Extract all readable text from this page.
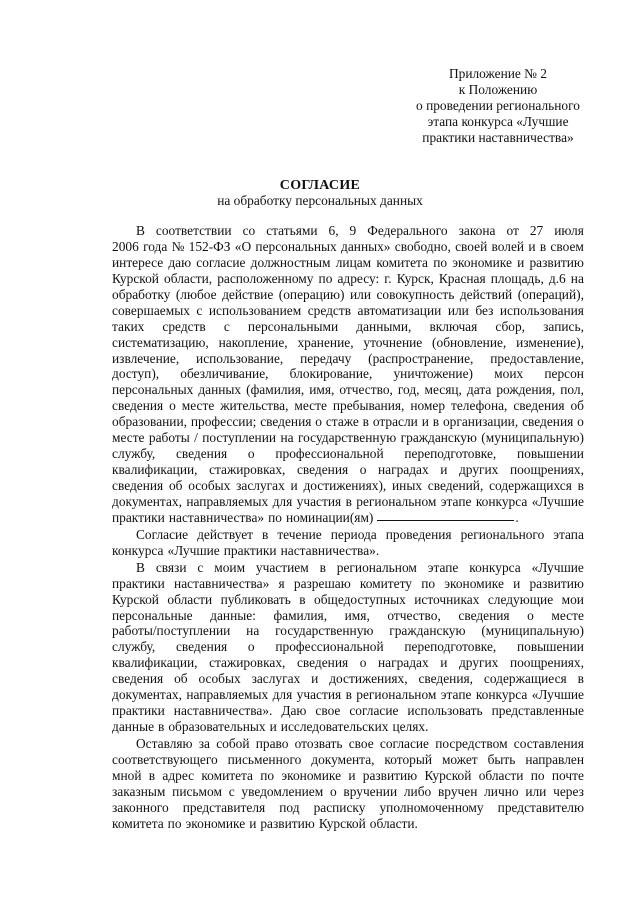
Приложение № 2
к Положению
о проведении регионального
этапа конкурса «Лучшие
практики наставничества»
СОГЛАСИЕ
на обработку персональных данных
В соответствии со статьями 6, 9 Федерального закона от 27 июля
2006 года № 152-ФЗ «О персональных данных» свободно, своей волей и в своем
интересе даю согласие должностным лицам комитета по экономике и развитию
Курской области, расположенному по адресу: г. Курск, Красная площадь, д.6 на
обработку (любое действие (операцию) или совокупность действий (операций),
совершаемых с использованием средств автоматизации или без использования
таких средств с персональными данными, включая сбор, запись,
систематизацию, накопление, хранение, уточнение (обновление, изменение),
извлечение, использование, передачу (распространение, предоставление,
доступ), обезличивание, блокирование, уничтожение) моих персон
персональных данных (фамилия, имя, отчество, год, месяц, дата рождения, пол,
сведения о месте жительства, месте пребывания, номер телефона, сведения об
образовании, профессии; сведения о стаже в отрасли и в организации, сведения о
месте работы / поступлении на государственную гражданскую (муниципальную)
службу, сведения о профессиональной переподготовке, повышении
квалификации, стажировках, сведения о наградах и других поощрениях,
сведения об особых заслугах и достижениях), иных сведений, содержащихся в
документах, направляемых для участия в региональном этапе конкурса «Лучшие
практики наставничества» по номинации(ям)	.
Согласие действует в течение периода проведения регионального этапа
конкурса «Лучшие практики наставничества».
В связи с моим участием в региональном этапе конкурса «Лучшие
практики наставничества» я разрешаю комитету по экономике и развитию
Курской области публиковать в общедоступных источниках следующие мои
персональные данные: фамилия, имя, отчество, сведения о месте
работы/поступлении на государственную гражданскую (муниципальную)
службу, сведения о профессиональной переподготовке, повышении
квалификации, стажировках, сведения о наградах и других поощрениях,
сведения об особых заслугах и достижениях, сведения, содержащиеся в
документах, направляемых для участия в региональном этапе конкурса «Лучшие
практики наставничества». Даю свое согласие использовать представленные
данные в образовательных и исследовательских целях.
Оставляю за собой право отозвать свое согласие посредством составления
соответствующего письменного документа, который может быть направлен
мной в адрес комитета по экономике и развитию Курской области по почте
заказным письмом с уведомлением о вручении либо вручен лично или через
законного представителя под расписку уполномоченному представителю
комитета по экономике и развитию Курской области.
